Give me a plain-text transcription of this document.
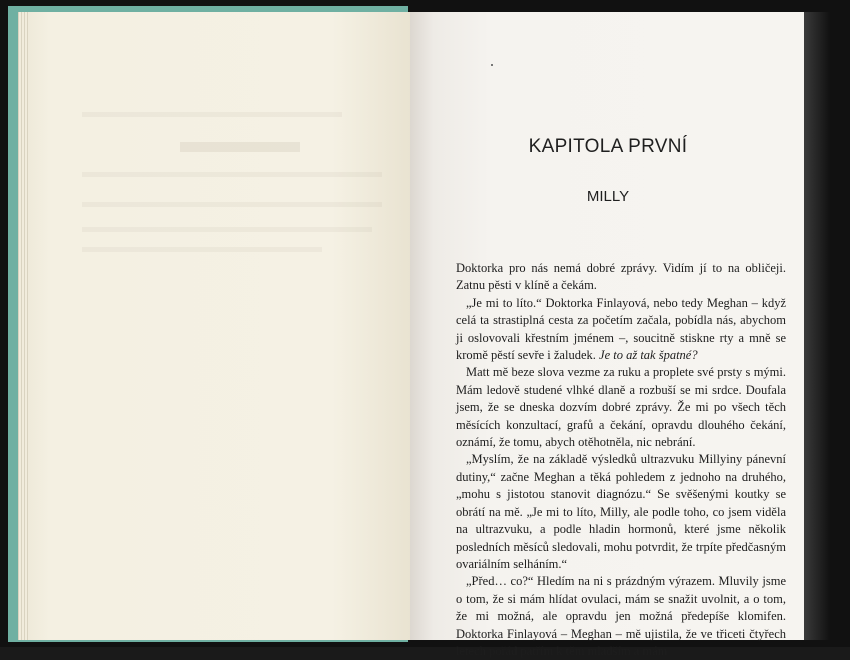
KAPITOLA PRVNÍ
MILLY

Doktorka pro nás nemá dobré zprávy. Vidím jí to na obličeji. Zatnu pěsti v klíně a čekám.

„Je mi to líto.“ Doktorka Finlayová, nebo tedy Meghan – když celá ta strastiplná cesta za početím začala, pobídla nás, abychom ji oslovovali křestním jménem –, soucitně stiskne rty a mně se kromě pěstí sevře i žaludek. Je to až tak špatné?

Matt mě beze slova vezme za ruku a proplete své prsty s mými. Mám ledově studené vlhké dlaně a rozbuší se mi srdce. Doufala jsem, že se dneska dozvím dobré zprávy. Že mi po všech těch měsících konzultací, grafů a čekání, opravdu dlouhého čekání, oznámí, že tomu, abych otěhotněla, nic nebrání.

„Myslím, že na základě výsledků ultrazvuku Millyiny pánevní dutiny,“ začne Meghan a těká pohledem z jednoho na druhého, „mohu s jistotou stanovit diagnózu.“ Se svěšenými koutky se obrátí na mě. „Je mi to líto, Milly, ale podle toho, co jsem viděla na ultrazvuku, a podle hladin hormonů, které jsme několik posledních měsíců sledovali, mohu potvrdit, že trpíte předčasným ovariálním selháním.“

„Před… co?“ Hledím na ni s prázdným výrazem. Mluvily jsme o tom, že si mám hlídat ovulaci, mám se snažit uvolnit, a o tom, že mi možná, ale opravdu jen možná předepíše klomifen. Doktorka Finlayová – Meghan – mě ujistila, že ve třiceti čtyřech letech pořád patřím k těm mladším a mám
